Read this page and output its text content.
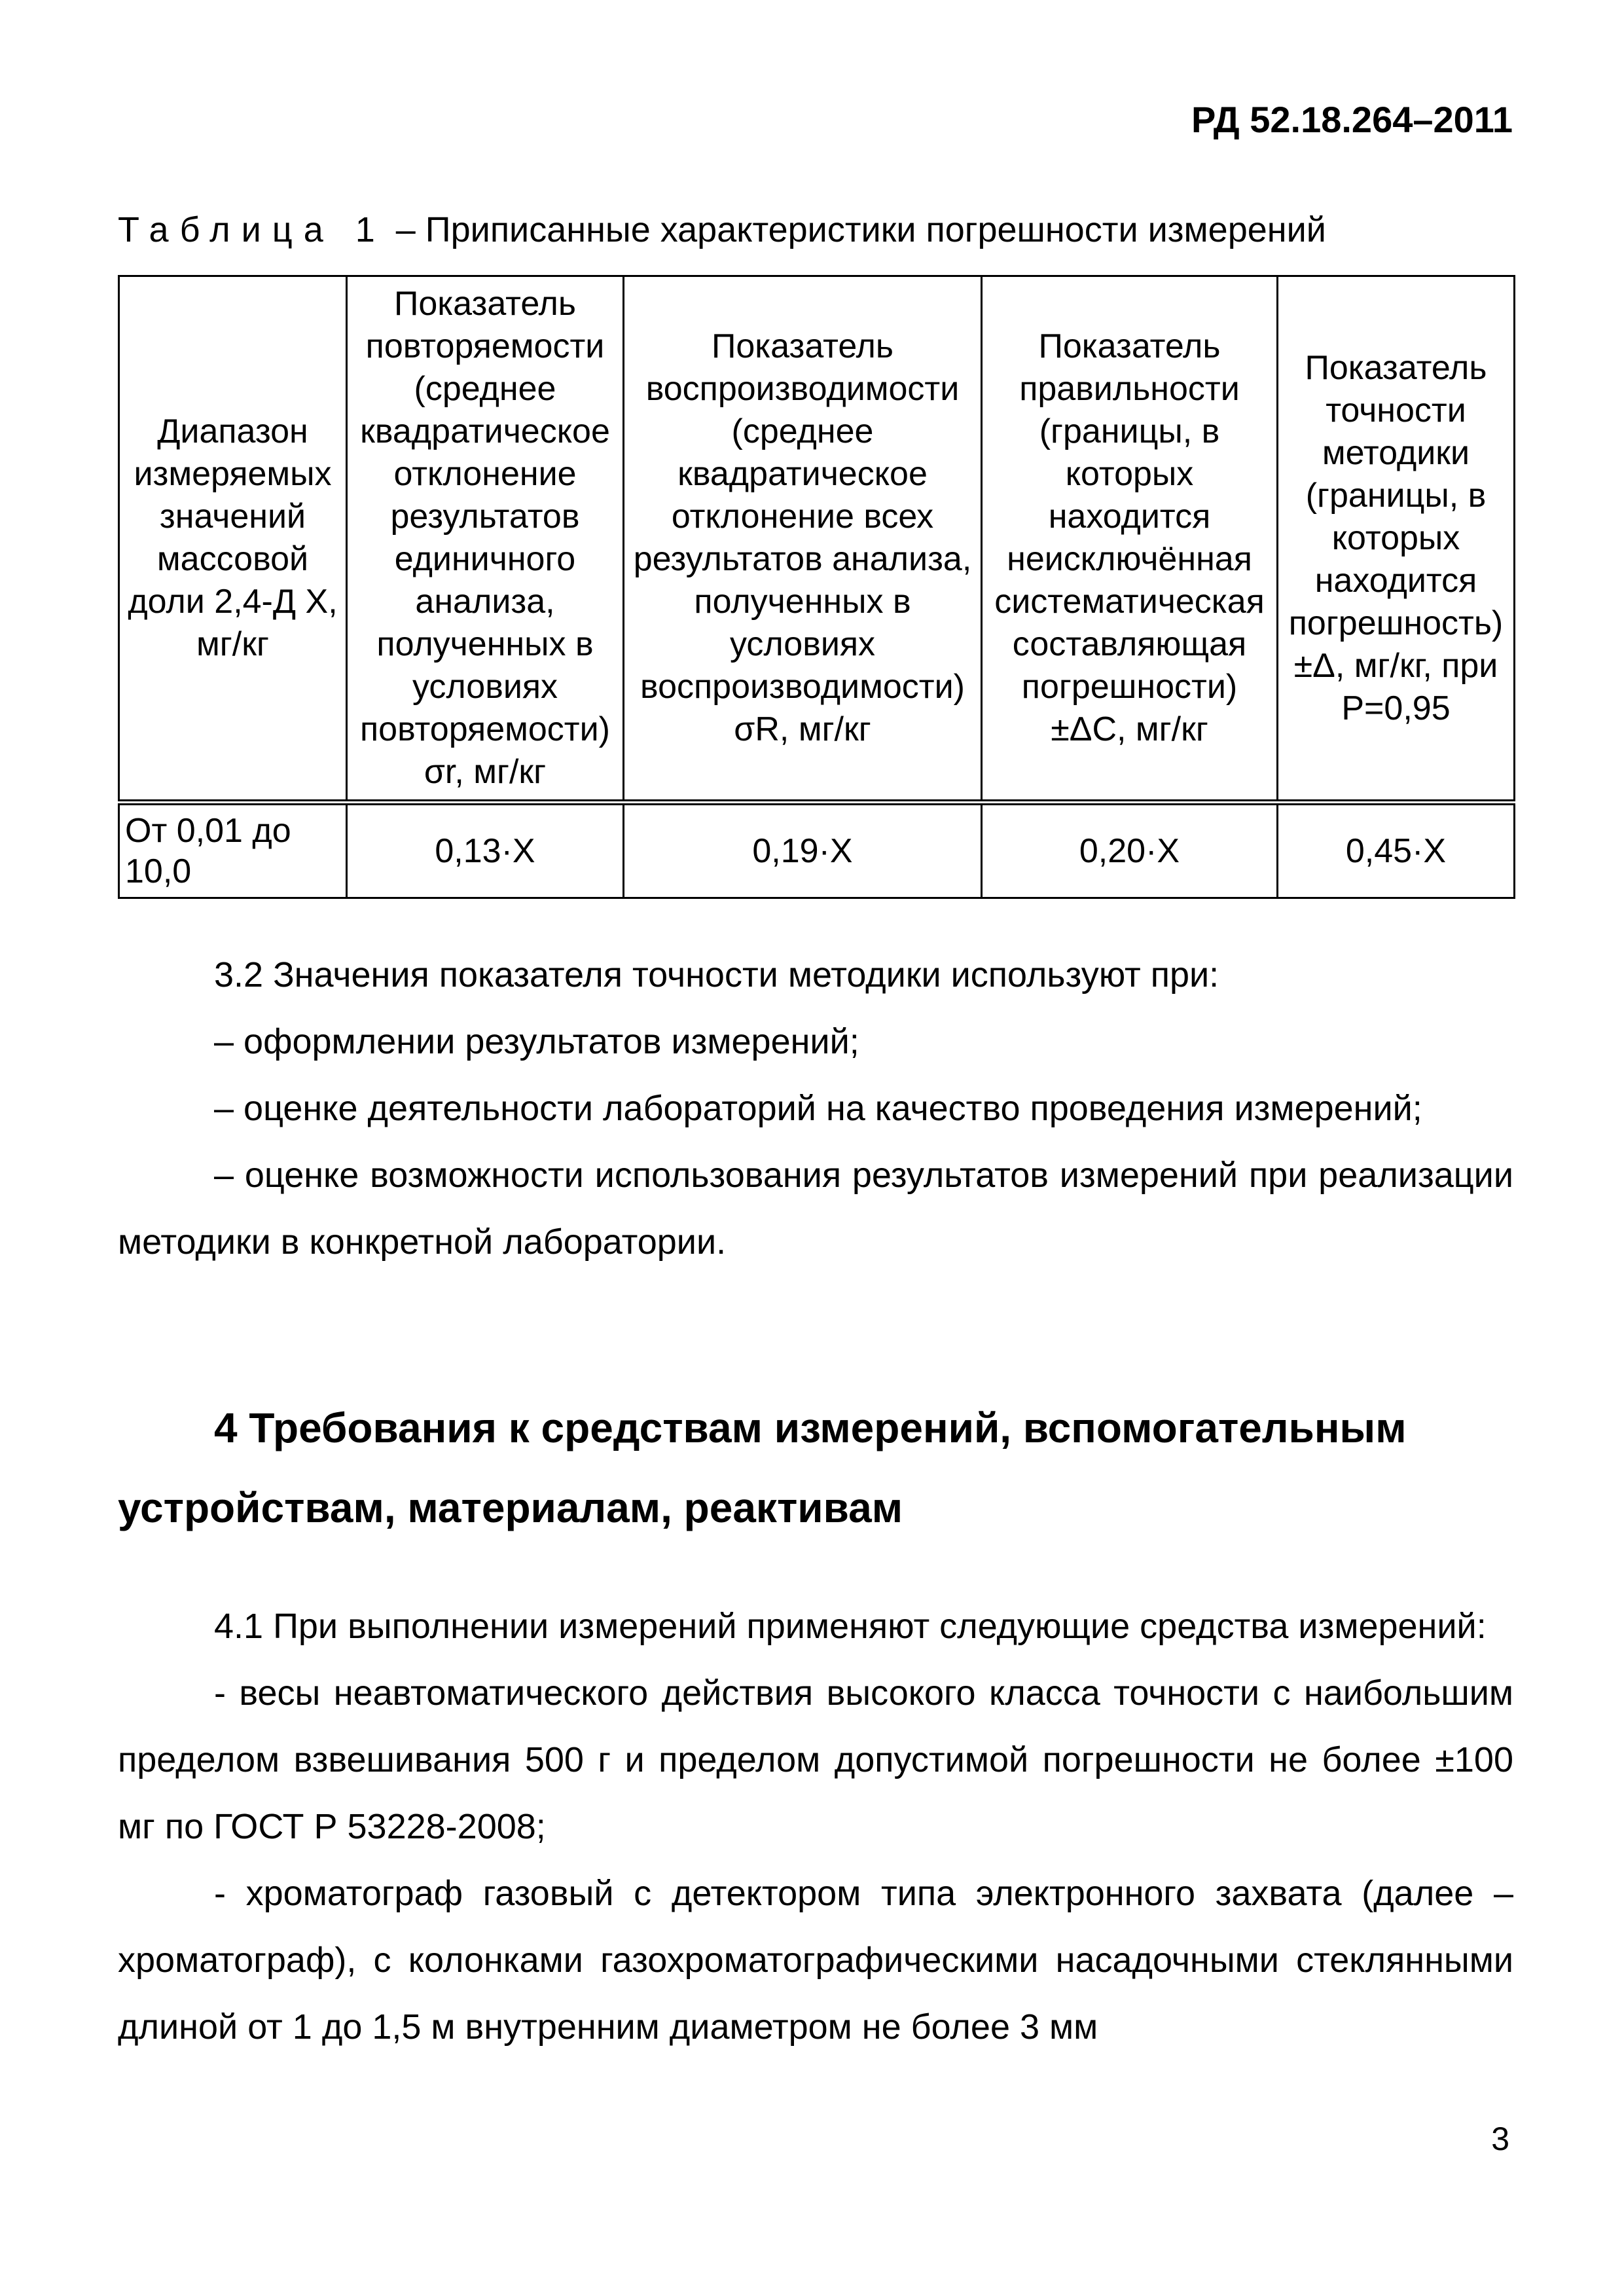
РД 52.18.264–2011
Таблица 1 – Приписанные характеристики погрешности измерений
Диапазон измеряемых значений массовой доли 2,4-Д Х, мг/кг	Показатель повторяемости (среднее квадратическое отклонение результатов единичного анализа, полученных в условиях повторяемости) σr, мг/кг	Показатель воспроизводимости (среднее квадратическое отклонение всех результатов анализа, полученных в условиях воспроизводимости) σR, мг/кг	Показатель правильности (границы, в которых находится неисключённая систематическая составляющая погрешности) ±ΔC, мг/кг	Показатель точности методики (границы, в которых находится погрешность) ±Δ, мг/кг, при P=0,95
От 0,01 до 10,0	0,13·Х	0,19·Х	0,20·Х	0,45·Х

3.2 Значения показателя точности методики используют при:

– оформлении результатов измерений;

– оценке деятельности лабораторий на качество проведения измерений;

– оценке возможности использования результатов измерений при реализации методики в конкретной лаборатории.

4 Требования к средствам измерений, вспомогательным устройствам, материалам, реактивам

4.1 При выполнении измерений применяют следующие средства измерений:

- весы неавтоматического действия высокого класса точности с наибольшим пределом взвешивания 500 г и пределом допустимой погрешности не более ±100 мг по ГОСТ Р 53228-2008;

- хроматограф газовый с детектором типа электронного захвата (далее – хроматограф), с колонками газохроматографическими насадочными стеклянными длиной от 1 до 1,5 м внутренним диаметром не более 3 мм

3
